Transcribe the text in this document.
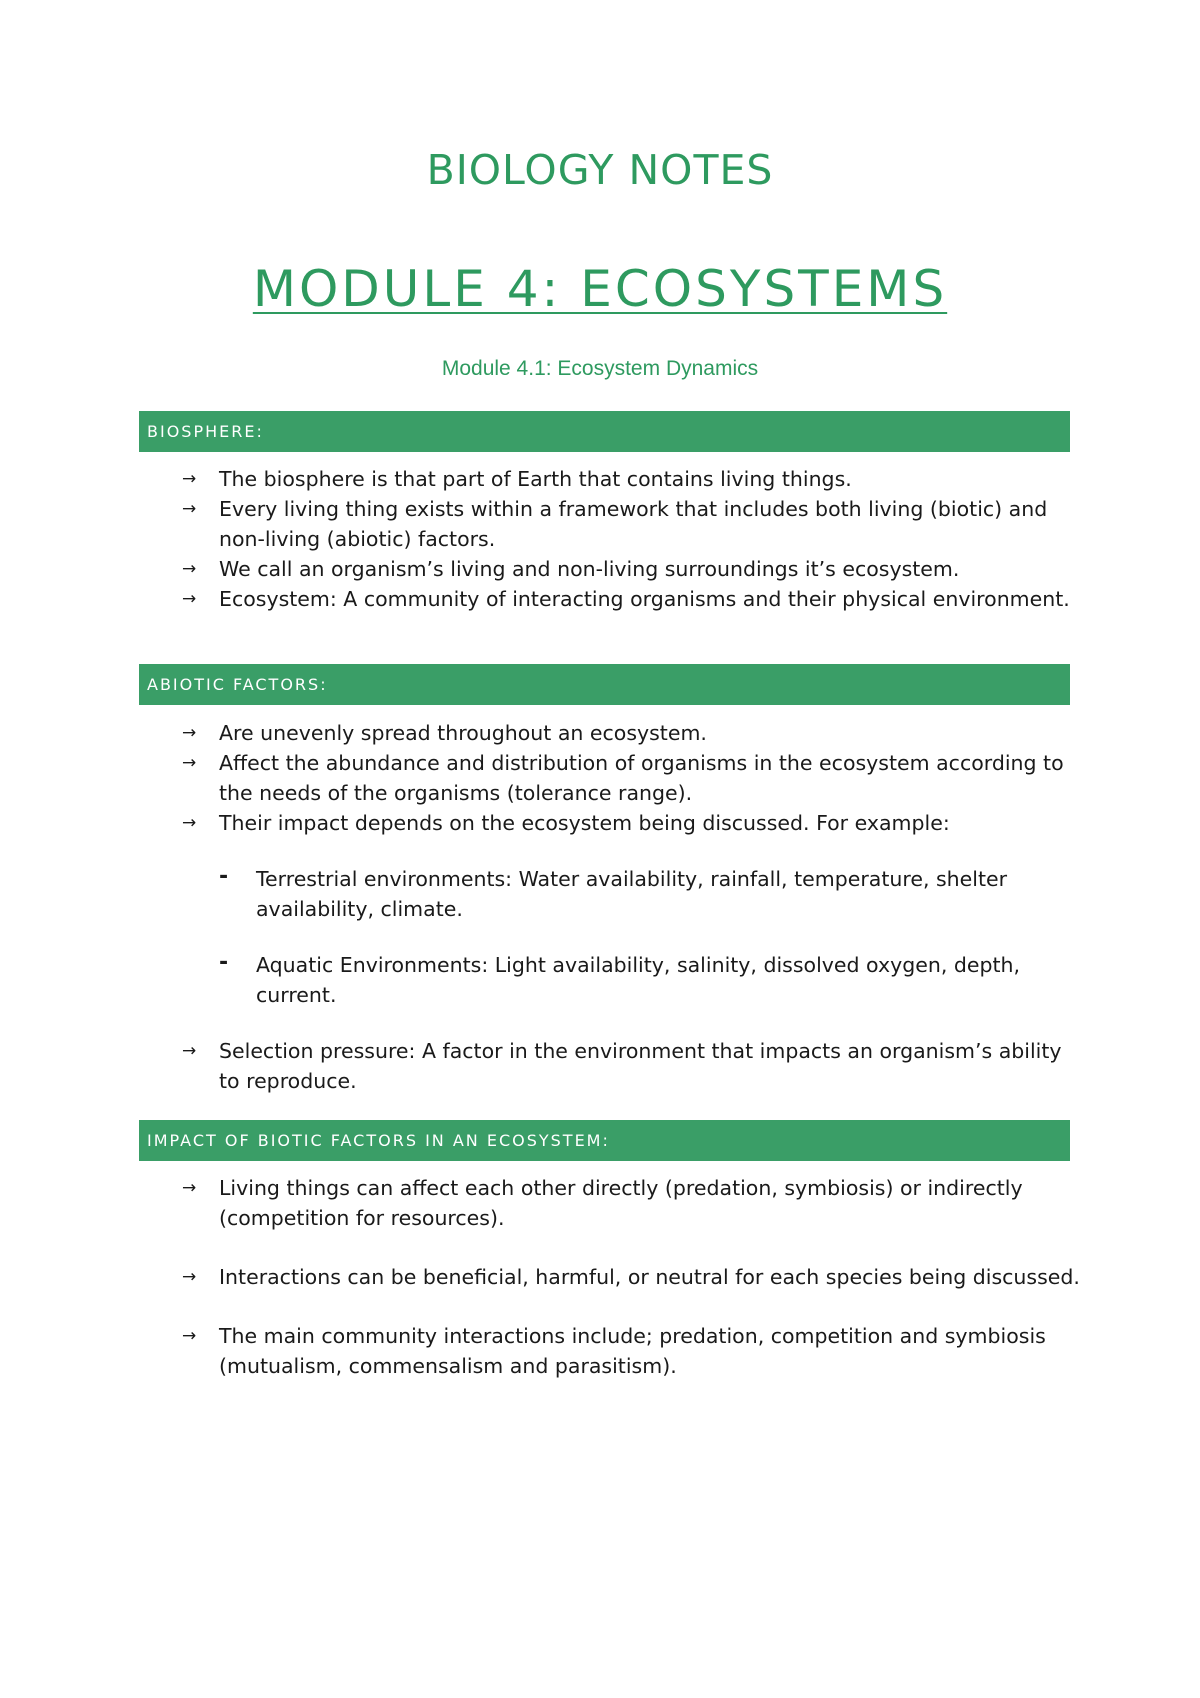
BIOLOGY NOTES
MODULE 4: ECOSYSTEMS
Module 4.1: Ecosystem Dynamics
BIOSPHERE:
→ The biosphere is that part of Earth that contains living things.
→ Every living thing exists within a framework that includes both living (biotic) and non-living (abiotic) factors.
→ We call an organism’s living and non-living surroundings it’s ecosystem.
→ Ecosystem: A community of interacting organisms and their physical environment.
ABIOTIC FACTORS:
→ Are unevenly spread throughout an ecosystem.
→ Affect the abundance and distribution of organisms in the ecosystem according to the needs of the organisms (tolerance range).
→ Their impact depends on the ecosystem being discussed. For example:
- Terrestrial environments: Water availability, rainfall, temperature, shelter availability, climate.
- Aquatic Environments: Light availability, salinity, dissolved oxygen, depth, current.
→ Selection pressure: A factor in the environment that impacts an organism’s ability to reproduce.
IMPACT OF BIOTIC FACTORS IN AN ECOSYSTEM:
→ Living things can affect each other directly (predation, symbiosis) or indirectly (competition for resources).
→ Interactions can be beneficial, harmful, or neutral for each species being discussed.
→ The main community interactions include; predation, competition and symbiosis (mutualism, commensalism and parasitism).
